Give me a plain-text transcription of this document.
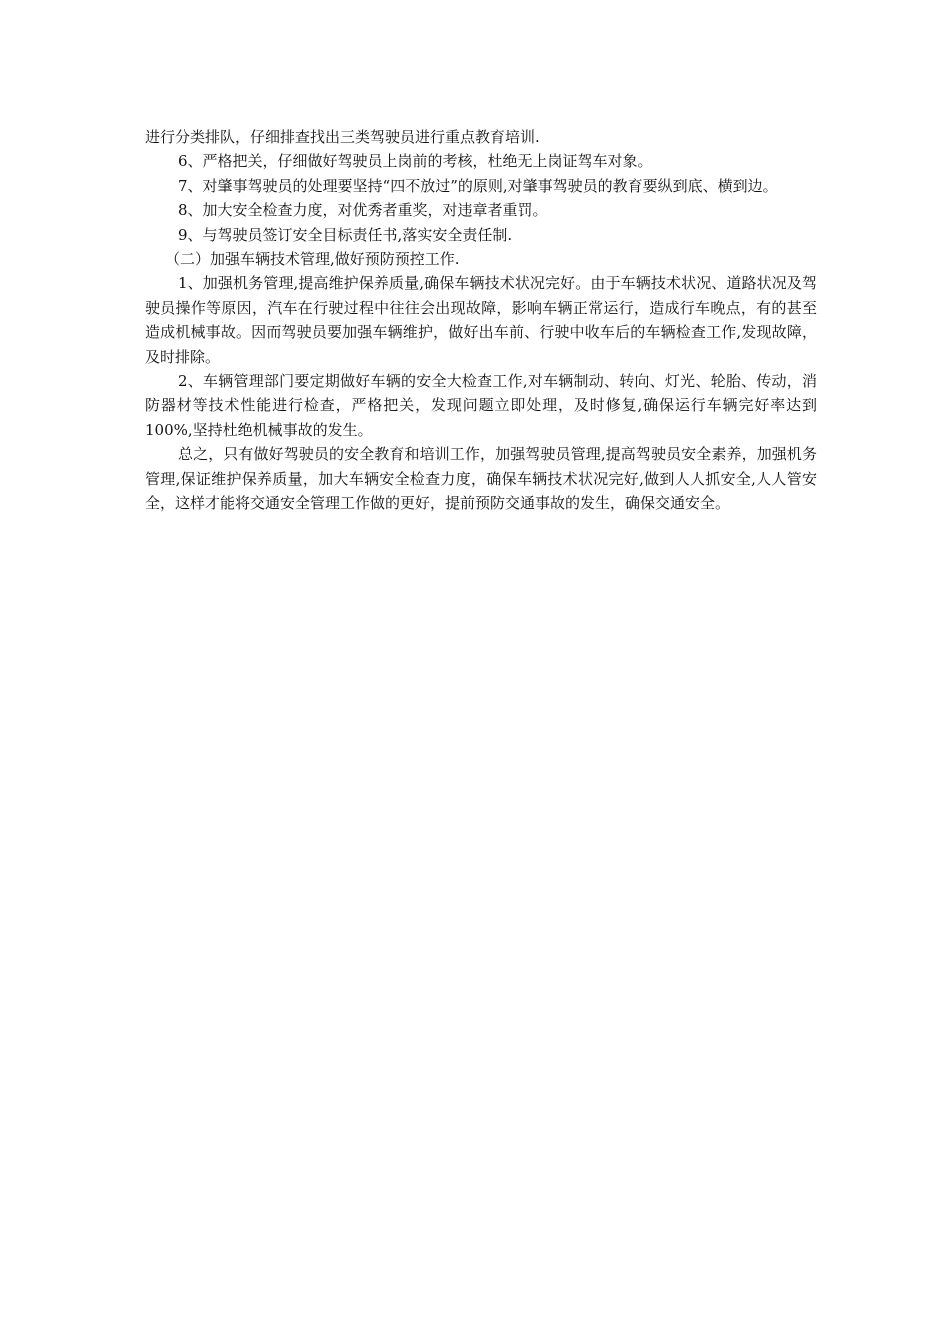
进行分类排队，仔细排查找出三类驾驶员进行重点教育培训.

6、严格把关，仔细做好驾驶员上岗前的考核，杜绝无上岗证驾车对象。

7、对肇事驾驶员的处理要坚持“四不放过”的原则,对肇事驾驶员的教育要纵到底、横到边。

8、加大安全检查力度，对优秀者重奖，对违章者重罚。

9、与驾驶员签订安全目标责任书,落实安全责任制.

（二）加强车辆技术管理,做好预防预控工作.

1、加强机务管理,提高维护保养质量,确保车辆技术状况完好。由于车辆技术状况、道路状况及驾驶员操作等原因，汽车在行驶过程中往往会出现故障，影响车辆正常运行，造成行车晚点，有的甚至造成机械事故。因而驾驶员要加强车辆维护，做好出车前、行驶中收车后的车辆检查工作,发现故障，及时排除。

2、车辆管理部门要定期做好车辆的安全大检查工作,对车辆制动、转向、灯光、轮胎、传动，消防器材等技术性能进行检查，严格把关，发现问题立即处理，及时修复,确保运行车辆完好率达到100%,坚持杜绝机械事故的发生。

总之，只有做好驾驶员的安全教育和培训工作，加强驾驶员管理,提高驾驶员安全素养，加强机务管理,保证维护保养质量，加大车辆安全检查力度，确保车辆技术状况完好,做到人人抓安全,人人管安全，这样才能将交通安全管理工作做的更好，提前预防交通事故的发生，确保交通安全。
